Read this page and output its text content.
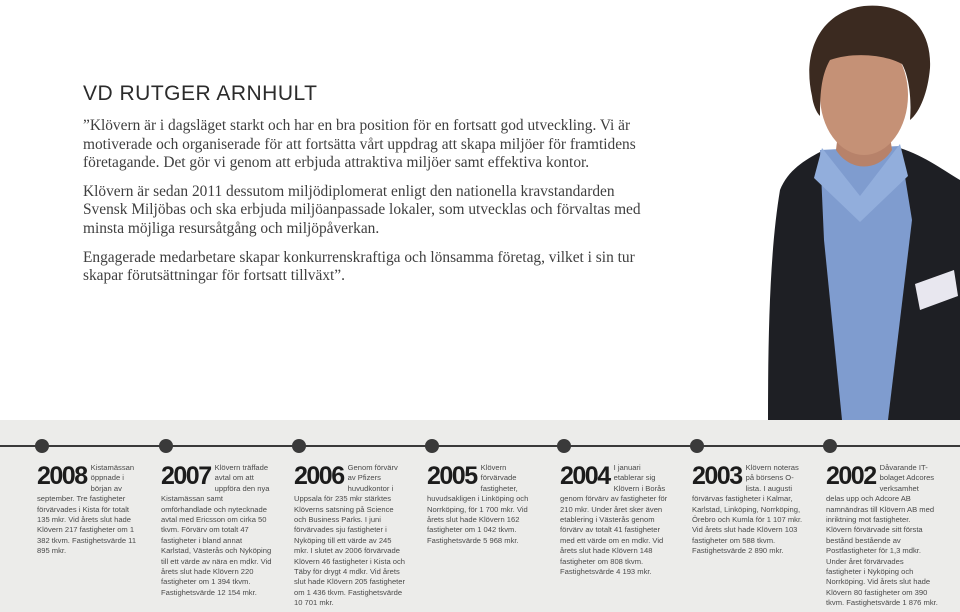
VD RUTGER ARNHULT

”Klövern är i dagsläget starkt och har en bra position för en fortsatt god utveckling. Vi är motiverade och organiserade för att fortsätta vårt uppdrag att skapa miljöer för framtidens företagande. Det gör vi genom att erbjuda attraktiva miljöer samt effektiva kontor.

Klövern är sedan 2011 dessutom miljödiplomerat enligt den nationella kravstandarden Svensk Miljöbas och ska erbjuda miljöanpassade lokaler, som utvecklas och förvaltas med minsta möjliga resursåtgång och miljöpåverkan.

Engagerade medarbetare skapar konkurrenskraftiga och lönsamma företag, vilket i sin tur skapar förutsättningar för fortsatt tillväxt”.

2008 Kistamässan öppnade i början av september. Tre fastigheter förvärvades i Kista för totalt 135 mkr. Vid årets slut hade Klövern 217 fastigheter om 1 382 tkvm. Fastighetsvärde 11 895 mkr.
2007 Klövern träffade avtal om att uppföra den nya Kistamässan samt omförhandlade och nytecknade avtal med Ericsson om cirka 50 tkvm. Förvärv om totalt 47 fastigheter i bland annat Karlstad, Västerås och Nyköping till ett värde av nära en mdkr. Vid årets slut hade Klövern 220 fastigheter om 1 394 tkvm. Fastighetsvärde 12 154 mkr.
2006 Genom förvärv av Pfizers huvudkontor i Uppsala för 235 mkr stärktes Klöverns satsning på Science och Business Parks. I juni förvärvades sju fastigheter i Nyköping till ett värde av 245 mkr. I slutet av 2006 förvärvade Klövern 46 fastigheter i Kista och Täby för drygt 4 mdkr. Vid årets slut hade Klövern 205 fastigheter om 1 436 tkvm. Fastighetsvärde 10 701 mkr.
2005 Klövern förvärvade fastigheter, huvudsakligen i Linköping och Norrköping, för 1 700 mkr. Vid årets slut hade Klövern 162 fastigheter om 1 042 tkvm. Fastighetsvärde 5 968 mkr.
2004 I januari etablerar sig Klövern i Borås genom förvärv av fastigheter för 210 mkr. Under året sker även etablering i Västerås genom förvärv av totalt 41 fastigheter med ett värde om en mdkr. Vid årets slut hade Klövern 148 fastigheter om 808 tkvm. Fastighetsvärde 4 193 mkr.
2003 Klövern noteras på börsens O-lista. I augusti förvärvas fastigheter i Kalmar, Karlstad, Linköping, Norrköping, Örebro och Kumla för 1 107 mkr. Vid årets slut hade Klövern 103 fastigheter om 588 tkvm. Fastighetsvärde 2 890 mkr.
2002 Dåvarande IT-bolaget Adcores verksamhet delas upp och Adcore AB namnändras till Klövern AB med inriktning mot fastigheter. Klövern förvärvade sitt första bestånd bestående av Postfastigheter för 1,3 mdkr. Under året förvärvades fastigheter i Nyköping och Norrköping. Vid årets slut hade Klövern 80 fastigheter om 390 tkvm. Fastighetsvärde 1 876 mkr.
